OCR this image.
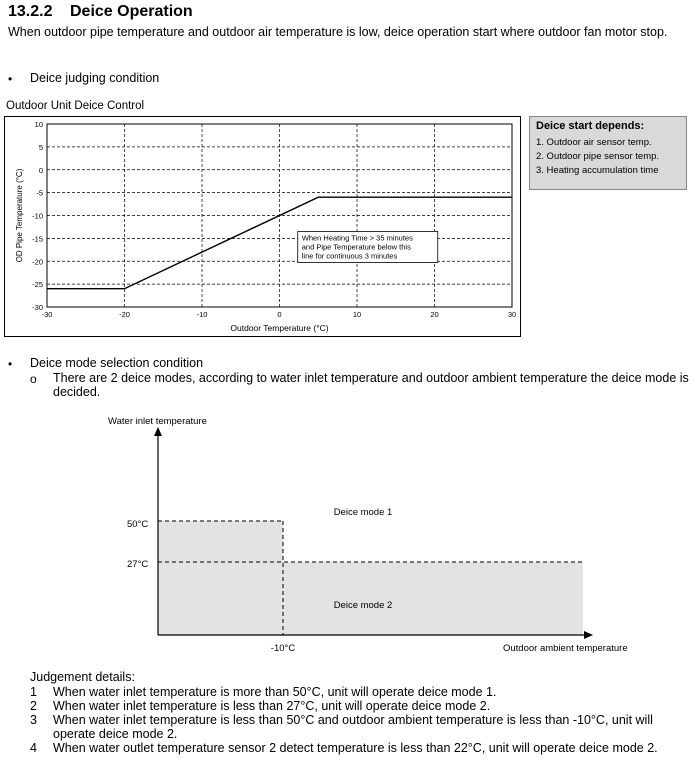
13.2.2 Deice Operation
When outdoor pipe temperature and outdoor air temperature is low, deice operation start where outdoor fan motor stop.
• Deice judging condition
Outdoor Unit Deice Control
-30	-20	-10	0	10	20	30
10
5
0
-5
-10
-15
-20
-25
-30
Outdoor Temperature (°C)
OD Pipe Temperature (°C)	When Heating Time > 35 minutes
and Pipe Temperature below this
line for continuous 3 minutes
Deice start depends:
1. Outdoor air sensor temp.
2. Outdoor pipe sensor temp.
3. Heating accumulation time
• Deice mode selection condition
o There are 2 deice modes, according to water inlet temperature and outdoor ambient temperature the deice mode is decided.
Water inlet temperature
Outdoor ambient temperature
50°C
27°C
-10°C
Deice mode 1
Deice mode 2
Judgement details:
1	When water inlet temperature is more than 50°C, unit will operate deice mode 1.
2	When water inlet temperature is less than 27°C, unit will operate deice mode 2.
3	When water inlet temperature is less than 50°C and outdoor ambient temperature is less than -10°C, unit will operate deice mode 2.
4	When water outlet temperature sensor 2 detect temperature is less than 22°C, unit will operate deice mode 2.
